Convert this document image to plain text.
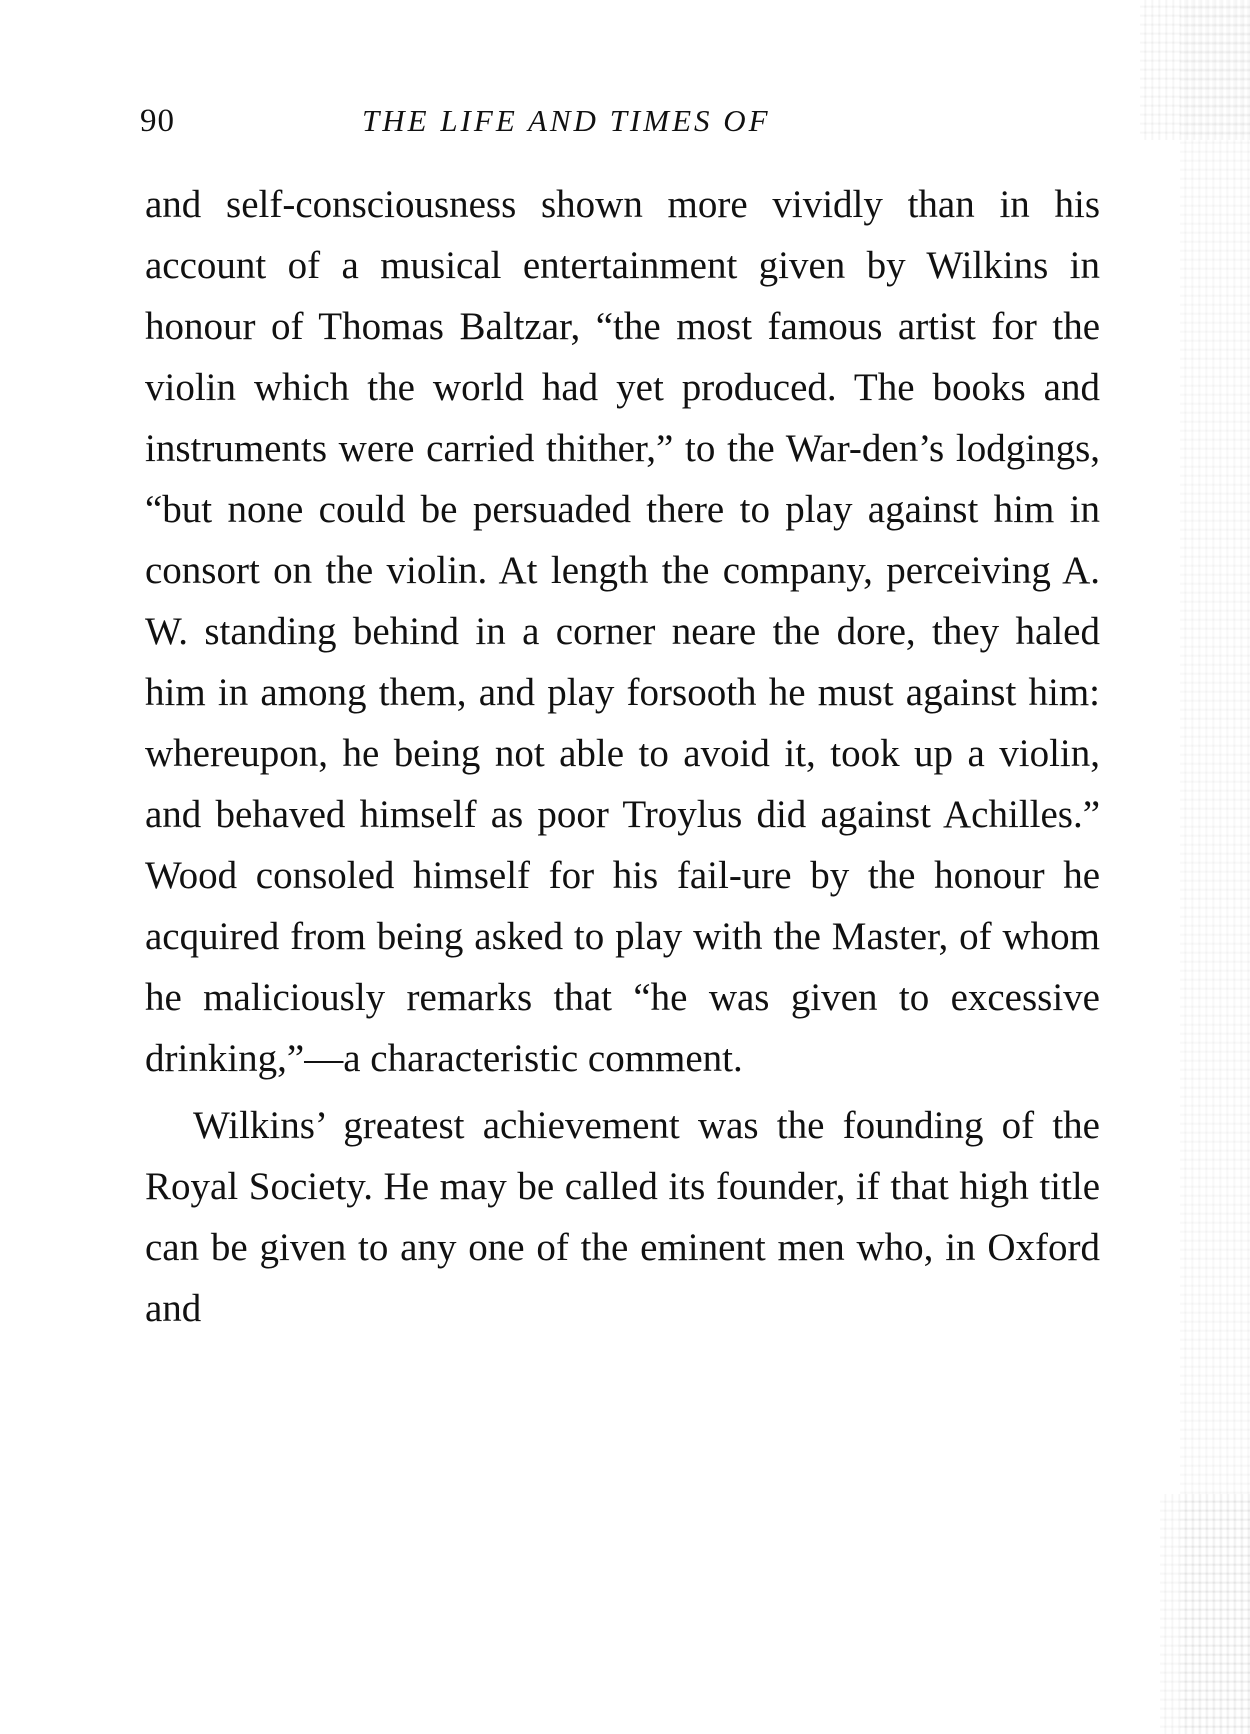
90	THE LIFE AND TIMES OF

and self-consciousness shown more vividly than in his account of a musical entertainment given by Wilkins in honour of Thomas Baltzar, “the most famous artist for the violin which the world had yet produced. The books and instruments were carried thither,” to the War-den’s lodgings, “but none could be persuaded there to play against him in consort on the violin. At length the company, perceiving A. W. standing behind in a corner neare the dore, they haled him in among them, and play forsooth he must against him: whereupon, he being not able to avoid it, took up a violin, and behaved himself as poor Troylus did against Achilles.” Wood consoled himself for his fail-ure by the honour he acquired from being asked to play with the Master, of whom he maliciously remarks that “he was given to excessive drinking,”—a characteristic comment.

Wilkins’ greatest achievement was the founding of the Royal Society. He may be called its founder, if that high title can be given to any one of the eminent men who, in Oxford and
